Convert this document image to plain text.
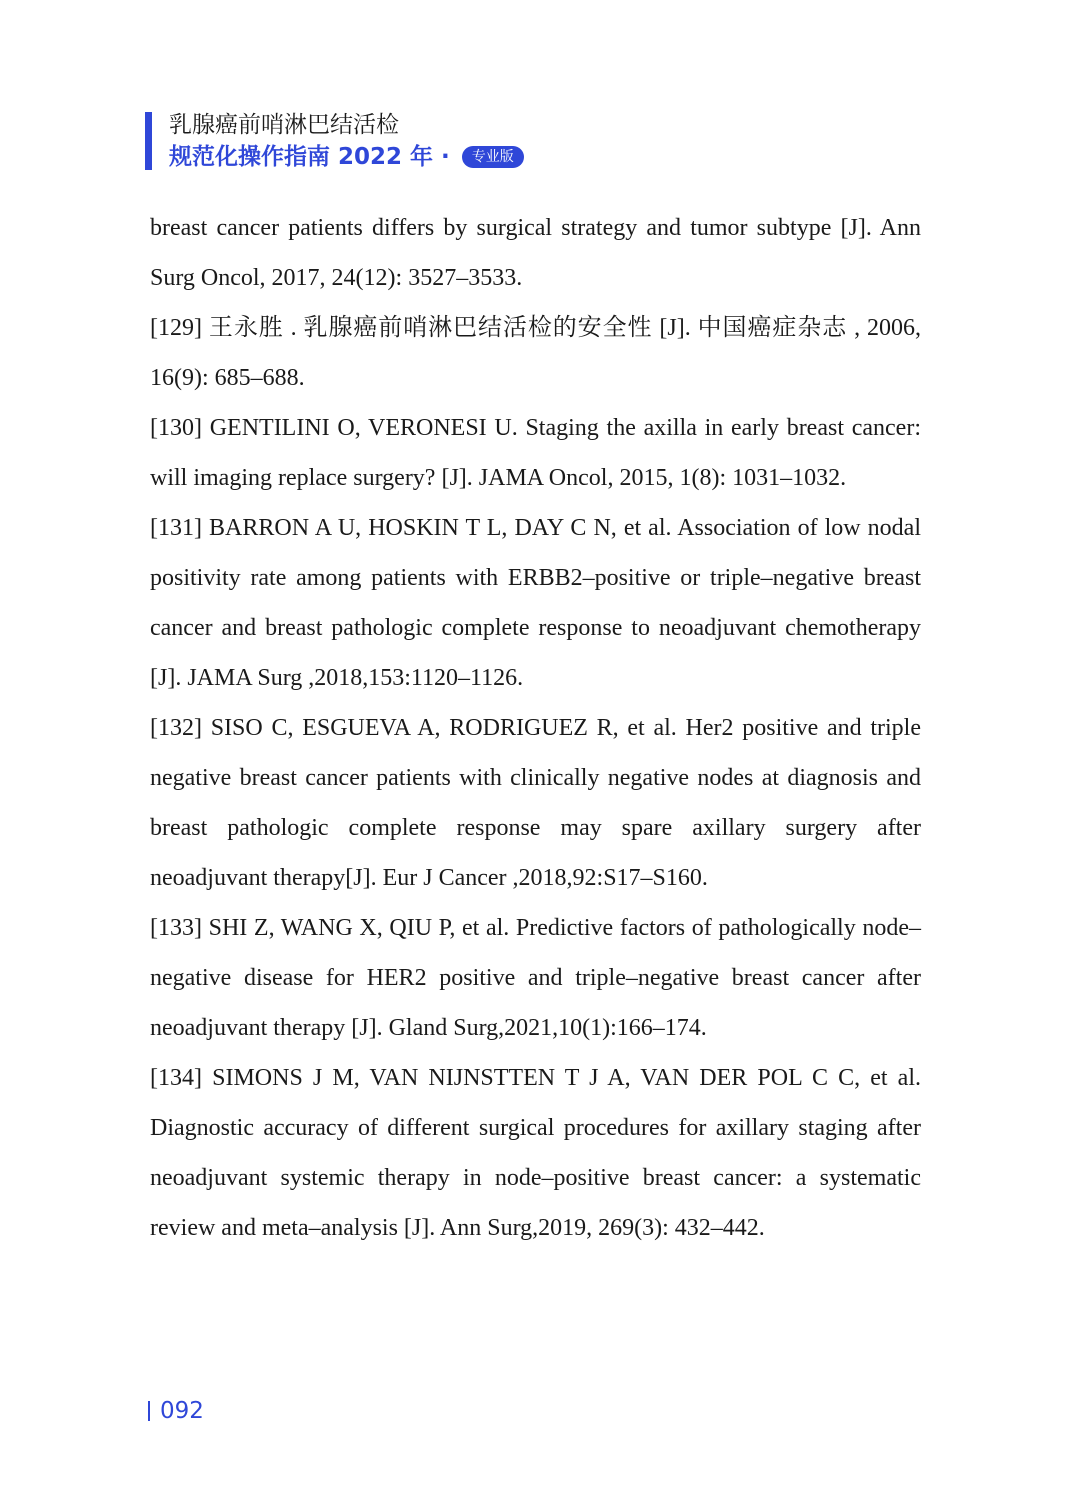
乳腺癌前哨淋巴结活检
规范化操作指南 2022 年 · 专业版

breast cancer patients differs by surgical strategy and tumor subtype [J]. Ann Surg Oncol, 2017, 24(12): 3527–3533.

[129] 王永胜 . 乳腺癌前哨淋巴结活检的安全性 [J]. 中国癌症杂志 , 2006, 16(9): 685–688.

[130] GENTILINI O, VERONESI U. Staging the axilla in early breast cancer: will imaging replace surgery? [J]. JAMA Oncol, 2015, 1(8): 1031–1032.

[131] BARRON A U, HOSKIN T L, DAY C N, et al. Association of low nodal positivity rate among patients with ERBB2–positive or triple–negative breast cancer and breast pathologic complete response to neoadjuvant chemotherapy [J]. JAMA Surg ,2018,153:1120–1126.

[132] SISO C, ESGUEVA A, RODRIGUEZ R, et al. Her2 positive and triple negative breast cancer patients with clinically negative nodes at diagnosis and breast pathologic complete response may spare axillary surgery after neoadjuvant therapy[J]. Eur J Cancer ,2018,92:S17–S160.

[133] SHI Z, WANG X, QIU P, et al. Predictive factors of pathologically node–negative disease for HER2 positive and triple–negative breast cancer after neoadjuvant therapy [J]. Gland Surg,2021,10(1):166–174.

[134] SIMONS J M, VAN NIJNSTTEN T J A, VAN DER POL C C, et al. Diagnostic accuracy of different surgical procedures for axillary staging after neoadjuvant systemic therapy in node–positive breast cancer: a systematic review and meta–analysis [J]. Ann Surg,2019, 269(3): 432–442.

092
